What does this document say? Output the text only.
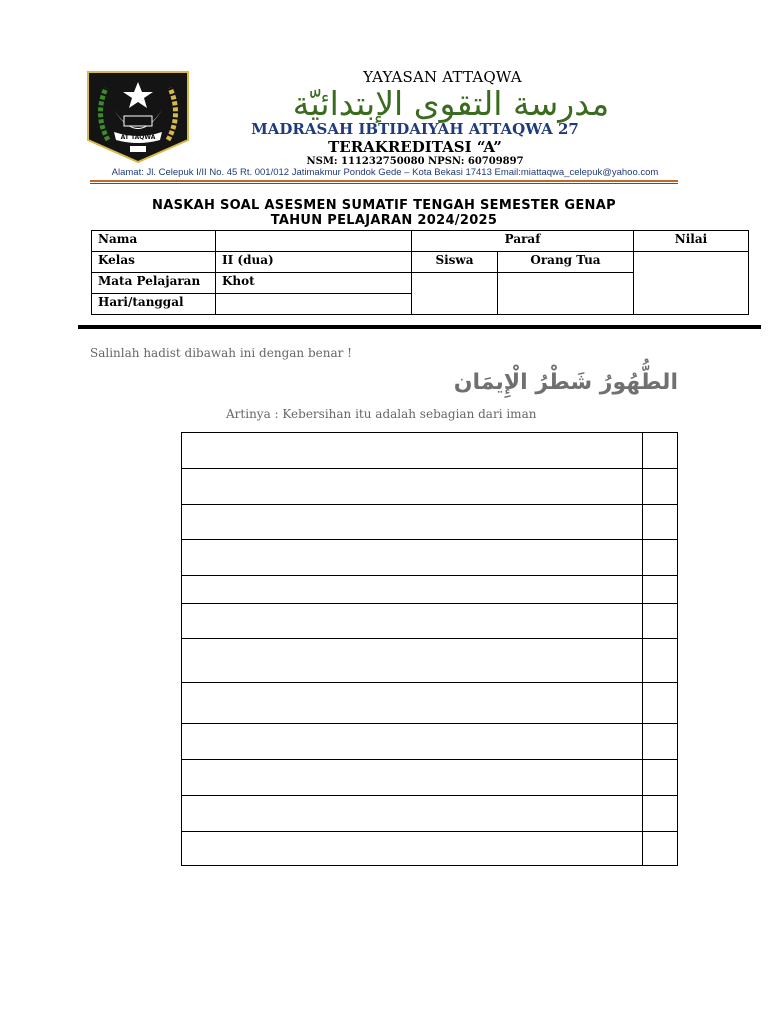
AT TAQWA
YAYASAN ATTAQWA
مدرسة التقوى الإبتدائيّة
MADRASAH IBTIDAIYAH ATTAQWA 27
TERAKREDITASI “A”
NSM: 111232750080 NPSN: 60709897
Alamat: Jl. Celepuk I/II No. 45 Rt. 001/012 Jatimakmur Pondok Gede – Kota Bekasi 17413 Email:miattaqwa_celepuk@yahoo.com
NASKAH SOAL ASESMEN SUMATIF TENGAH SEMESTER GENAP
TAHUN PELAJARAN 2024/2025
Nama		Paraf		Nilai
Kelas	II (dua)	Siswa	Orang Tua	
Mata Pelajaran	Khot			
Hari/tanggal				
Salinlah hadist dibawah ini dengan benar !
الطُّهُورُ شَطْرُ الْإِيمَان
Artinya : Kebersihan itu adalah sebagian dari iman
